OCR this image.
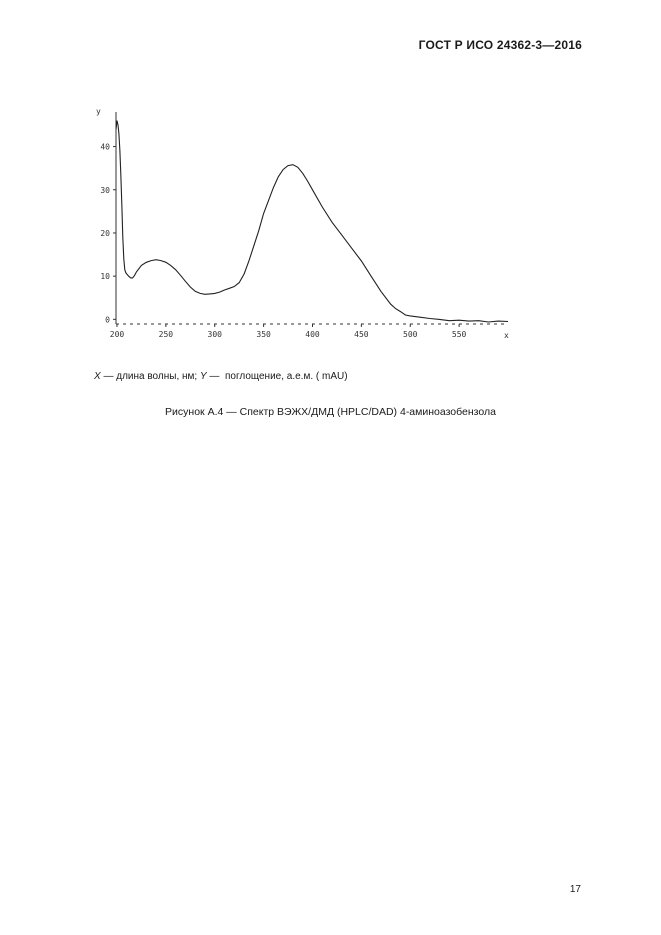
ГОСТ Р ИСО 24362-3—2016
y
x
0
10
20
30
40
200	250	300	350	400	450	500	550
X — длина волны, нм; Y —  поглощение, а.е.м. ( mAU)
Рисунок А.4 — Спектр ВЭЖХ/ДМД (HPLC/DAD) 4-аминоазобензола
17
